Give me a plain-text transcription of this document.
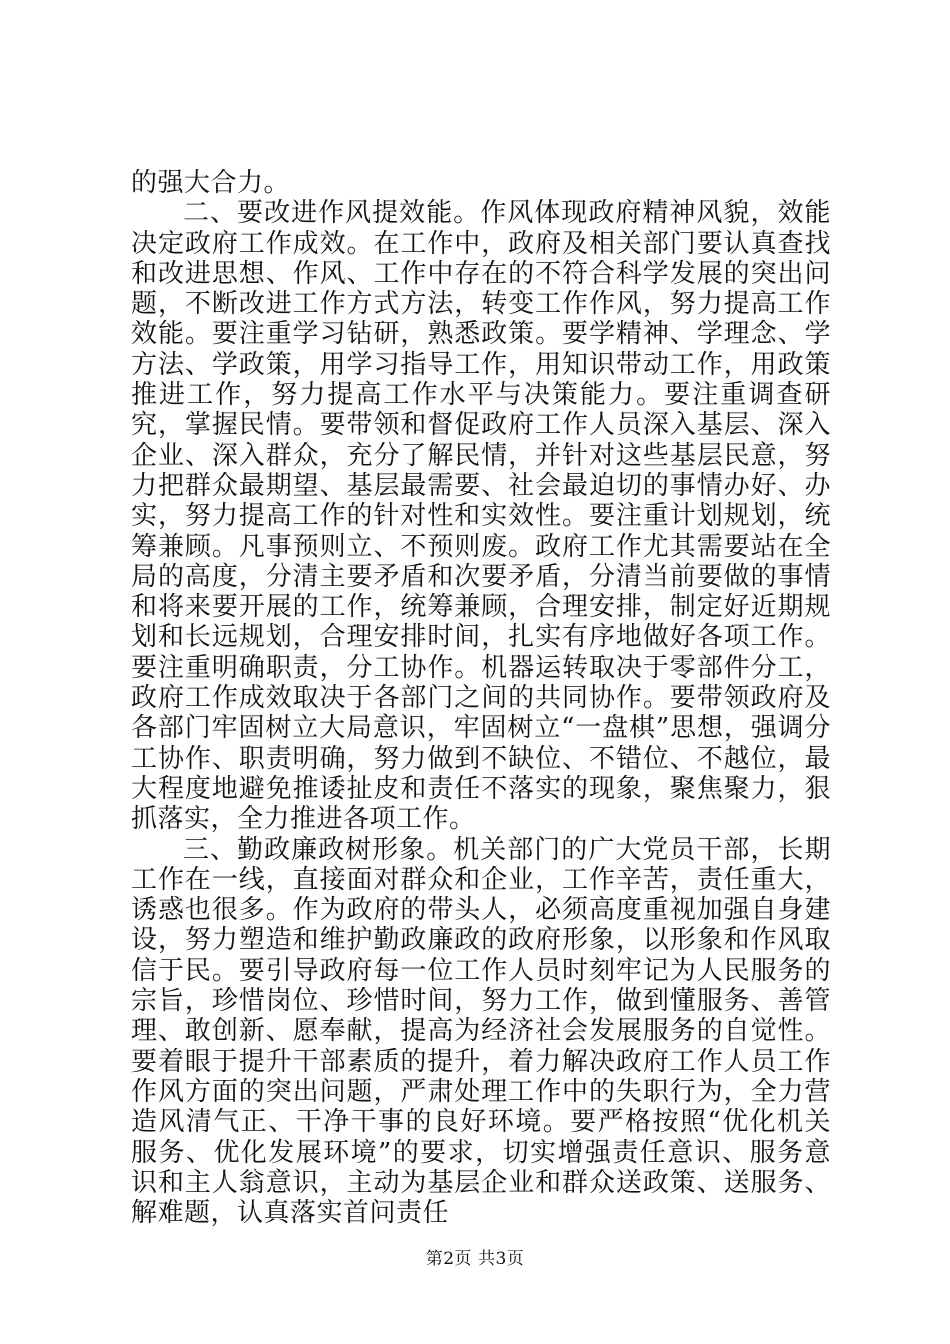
的强大合力。

二、要改进作风提效能。作风体现政府精神风貌，效能决定政府工作成效。在工作中，政府及相关部门要认真查找和改进思想、作风、工作中存在的不符合科学发展的突出问题，不断改进工作方式方法，转变工作作风，努力提高工作效能。要注重学习钻研，熟悉政策。要学精神、学理念、学方法、学政策，用学习指导工作，用知识带动工作，用政策推进工作，努力提高工作水平与决策能力。要注重调查研究，掌握民情。要带领和督促政府工作人员深入基层、深入企业、深入群众，充分了解民情，并针对这些基层民意，努力把群众最期望、基层最需要、社会最迫切的事情办好、办实，努力提高工作的针对性和实效性。要注重计划规划，统筹兼顾。凡事预则立、不预则废。政府工作尤其需要站在全局的高度，分清主要矛盾和次要矛盾，分清当前要做的事情和将来要开展的工作，统筹兼顾，合理安排，制定好近期规划和长远规划，合理安排时间，扎实有序地做好各项工作。要注重明确职责，分工协作。机器运转取决于零部件分工，政府工作成效取决于各部门之间的共同协作。要带领政府及各部门牢固树立大局意识，牢固树立“一盘棋”思想，强调分工协作、职责明确，努力做到不缺位、不错位、不越位，最大程度地避免推诿扯皮和责任不落实的现象，聚焦聚力，狠抓落实，全力推进各项工作。

三、勤政廉政树形象。机关部门的广大党员干部，长期工作在一线，直接面对群众和企业，工作辛苦，责任重大，诱惑也很多。作为政府的带头人，必须高度重视加强自身建设，努力塑造和维护勤政廉政的政府形象，以形象和作风取信于民。要引导政府每一位工作人员时刻牢记为人民服务的宗旨，珍惜岗位、珍惜时间，努力工作，做到懂服务、善管理、敢创新、愿奉献，提高为经济社会发展服务的自觉性。要着眼于提升干部素质的提升，着力解决政府工作人员工作作风方面的突出问题，严肃处理工作中的失职行为，全力营造风清气正、干净干事的良好环境。要严格按照“优化机关服务、优化发展环境”的要求，切实增强责任意识、服务意识和主人翁意识，主动为基层企业和群众送政策、送服务、解难题，认真落实首问责任

第2页 共3页
